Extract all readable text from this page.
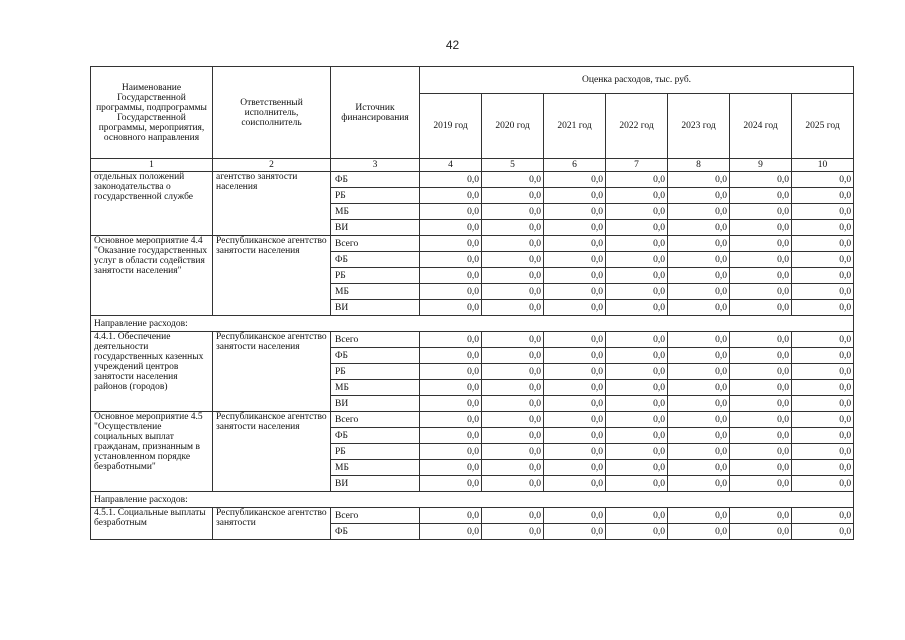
42
Наименование Государственной программы, подпрограммы Государственной программы, мероприятия, основного направления	Ответственный исполнитель, соисполнитель	Источник финансирования	Оценка расходов, тыс. руб.						
			2019 год	2020 год	2021 год	2022 год	2023 год	2024 год	2025 год
1	2	3	4	5	6	7	8	9	10
отдельных положений законодательства о государственной службе	агентство занятости населения	ФБ	0,0	0,0	0,0	0,0	0,0	0,0	0,0
		РБ	0,0	0,0	0,0	0,0	0,0	0,0	0,0
		МБ	0,0	0,0	0,0	0,0	0,0	0,0	0,0
		ВИ	0,0	0,0	0,0	0,0	0,0	0,0	0,0
Основное мероприятие 4.4 "Оказание государственных услуг в области содействия занятости населения"	Республиканское агентство занятости населения	Всего	0,0	0,0	0,0	0,0	0,0	0,0	0,0
		ФБ	0,0	0,0	0,0	0,0	0,0	0,0	0,0
		РБ	0,0	0,0	0,0	0,0	0,0	0,0	0,0
		МБ	0,0	0,0	0,0	0,0	0,0	0,0	0,0
		ВИ	0,0	0,0	0,0	0,0	0,0	0,0	0,0
Направление расходов:									
4.4.1. Обеспечение деятельности государственных казенных учреждений центров занятости населения районов (городов)	Республиканское агентство занятости населения	Всего	0,0	0,0	0,0	0,0	0,0	0,0	0,0
		ФБ	0,0	0,0	0,0	0,0	0,0	0,0	0,0
		РБ	0,0	0,0	0,0	0,0	0,0	0,0	0,0
		МБ	0,0	0,0	0,0	0,0	0,0	0,0	0,0
		ВИ	0,0	0,0	0,0	0,0	0,0	0,0	0,0
Основное мероприятие 4.5 "Осуществление социальных выплат гражданам, признанным в установленном порядке безработными"	Республиканское агентство занятости населения	Всего	0,0	0,0	0,0	0,0	0,0	0,0	0,0
		ФБ	0,0	0,0	0,0	0,0	0,0	0,0	0,0
		РБ	0,0	0,0	0,0	0,0	0,0	0,0	0,0
		МБ	0,0	0,0	0,0	0,0	0,0	0,0	0,0
		ВИ	0,0	0,0	0,0	0,0	0,0	0,0	0,0
Направление расходов:									
4.5.1. Социальные выплаты безработным	Республиканское агентство занятости	Всего	0,0	0,0	0,0	0,0	0,0	0,0	0,0
		ФБ	0,0	0,0	0,0	0,0	0,0	0,0	0,0
